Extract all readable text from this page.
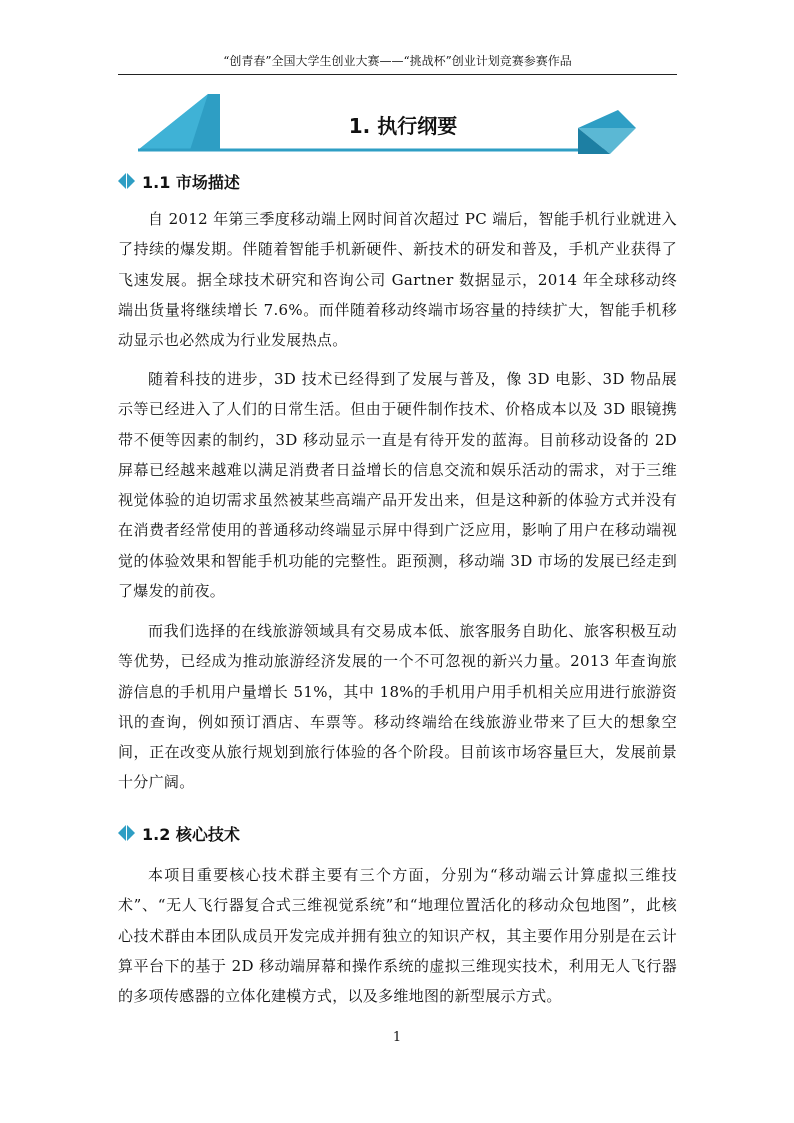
“创青春”全国大学生创业大赛——“挑战杯”创业计划竞赛参赛作品
1. 执行纲要
1.1 市场描述

自 2012 年第三季度移动端上网时间首次超过 PC 端后，智能手机行业就进入了持续的爆发期。伴随着智能手机新硬件、新技术的研发和普及，手机产业获得了飞速发展。据全球技术研究和咨询公司 Gartner 数据显示，2014 年全球移动终端出货量将继续增长 7.6%。而伴随着移动终端市场容量的持续扩大，智能手机移动显示也必然成为行业发展热点。

随着科技的进步，3D 技术已经得到了发展与普及，像 3D 电影、3D 物品展示等已经进入了人们的日常生活。但由于硬件制作技术、价格成本以及 3D 眼镜携带不便等因素的制约，3D 移动显示一直是有待开发的蓝海。目前移动设备的 2D 屏幕已经越来越难以满足消费者日益增长的信息交流和娱乐活动的需求，对于三维视觉体验的迫切需求虽然被某些高端产品开发出来，但是这种新的体验方式并没有在消费者经常使用的普通移动终端显示屏中得到广泛应用，影响了用户在移动端视觉的体验效果和智能手机功能的完整性。距预测，移动端 3D 市场的发展已经走到了爆发的前夜。

而我们选择的在线旅游领域具有交易成本低、旅客服务自助化、旅客积极互动等优势，已经成为推动旅游经济发展的一个不可忽视的新兴力量。2013 年查询旅游信息的手机用户量增长 51%，其中 18%的手机用户用手机相关应用进行旅游资讯的查询，例如预订酒店、车票等。移动终端给在线旅游业带来了巨大的想象空间，正在改变从旅行规划到旅行体验的各个阶段。目前该市场容量巨大，发展前景十分广阔。

1.2 核心技术

本项目重要核心技术群主要有三个方面，分别为“移动端云计算虚拟三维技术”、“无人飞行器复合式三维视觉系统”和“地理位置活化的移动众包地图”，此核心技术群由本团队成员开发完成并拥有独立的知识产权，其主要作用分别是在云计算平台下的基于 2D 移动端屏幕和操作系统的虚拟三维现实技术，利用无人飞行器的多项传感器的立体化建模方式，以及多维地图的新型展示方式。

1
